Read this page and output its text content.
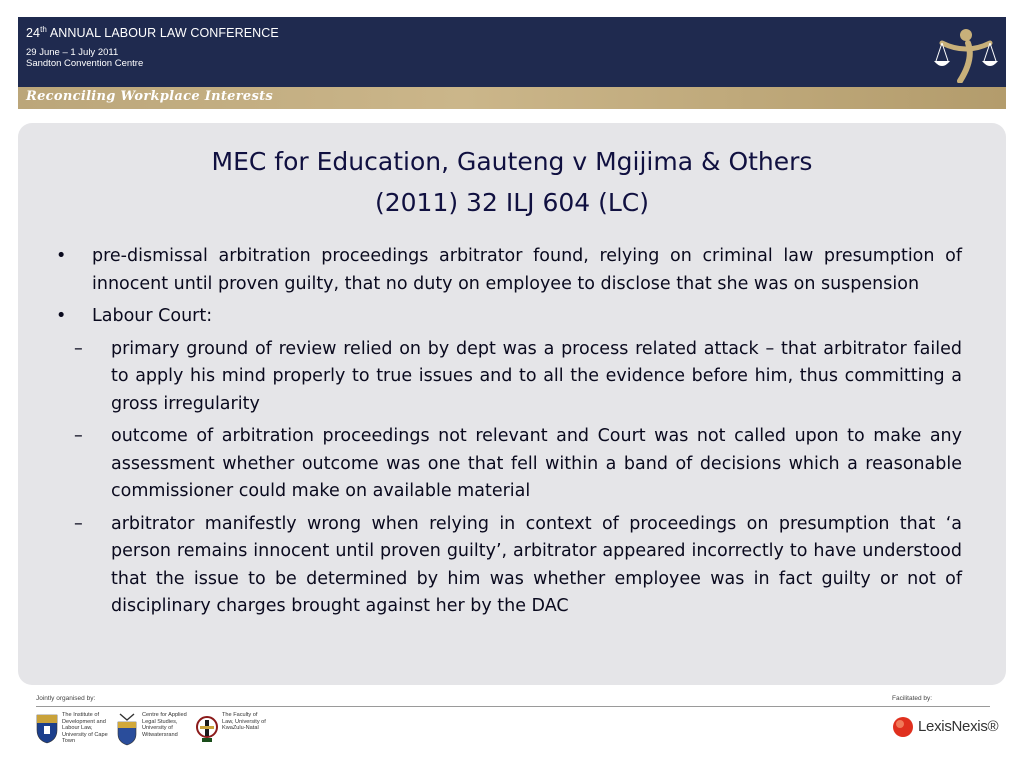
24th ANNUAL LABOUR LAW CONFERENCE
29 June – 1 July 2011
Sandton Convention Centre
Reconciling Workplace Interests
MEC for Education, Gauteng v Mgijima & Others
(2011) 32 ILJ 604 (LC)
• pre-dismissal arbitration proceedings arbitrator found, relying on criminal law presumption of innocent until proven guilty, that no duty on employee to disclose that she was on suspension
• Labour Court:
– primary ground of review relied on by dept was a process related attack – that arbitrator failed to apply his mind properly to true issues and to all the evidence before him, thus committing a gross irregularity
– outcome of arbitration proceedings not relevant and Court was not called upon to make any assessment whether outcome was one that fell within a band of decisions which a reasonable commissioner could make on available material
– arbitrator manifestly wrong when relying in context of proceedings on presumption that ‘a person remains innocent until proven guilty’, arbitrator appeared incorrectly to have understood that the issue to be determined by him was whether employee was in fact guilty or not of disciplinary charges brought against her by the DAC
Jointly organised by:	Facilitated by:
The Institute of Development and Labour Law, University of Cape Town
Centre for Applied Legal Studies, University of Witwatersrand
The Faculty of Law, University of KwaZulu-Natal	LexisNexis®
